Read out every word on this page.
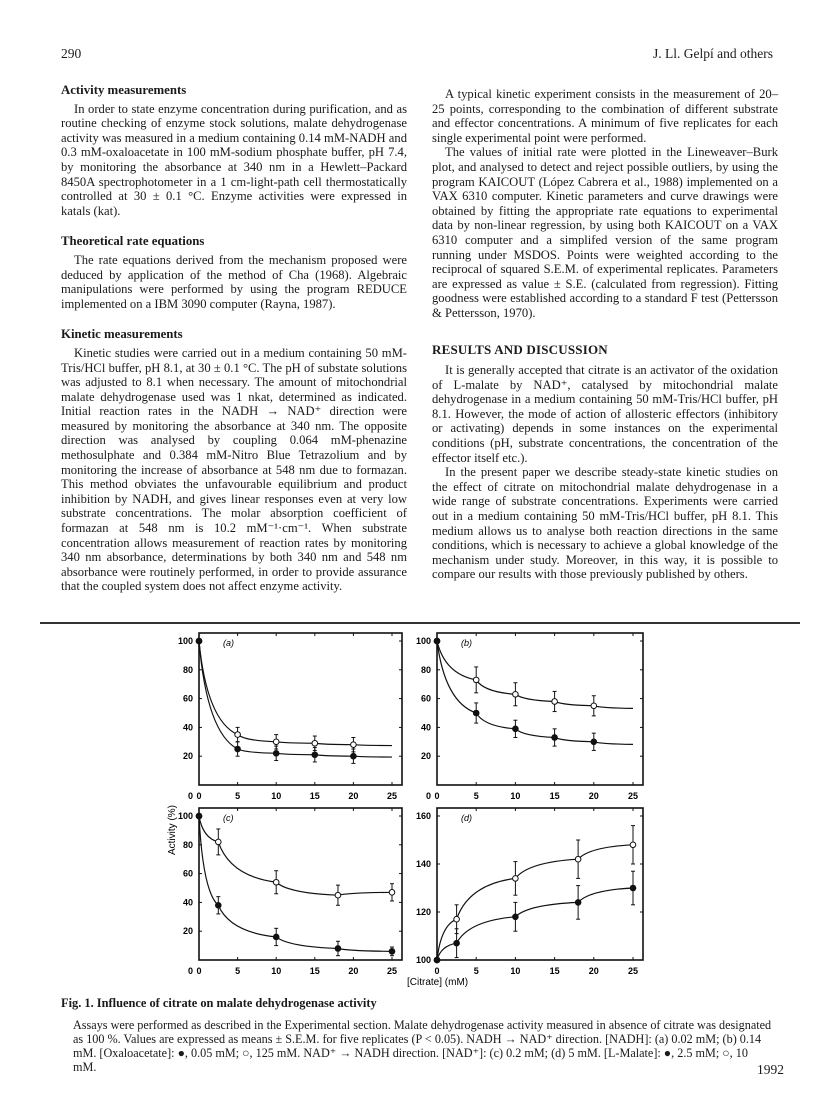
290	J. Ll. Gelpí and others
Activity measurements

In order to state enzyme concentration during purification, and as routine checking of enzyme stock solutions, malate dehydrogenase activity was measured in a medium containing 0.14 mM-NADH and 0.3 mM-oxaloacetate in 100 mM-sodium phosphate buffer, pH 7.4, by monitoring the absorbance at 340 nm in a Hewlett–Packard 8450A spectrophotometer in a 1 cm-light-path cell thermostatically controlled at 30 ± 0.1 °C. Enzyme activities were expressed in katals (kat).

Theoretical rate equations

The rate equations derived from the mechanism proposed were deduced by application of the method of Cha (1968). Algebraic manipulations were performed by using the program REDUCE implemented on a IBM 3090 computer (Rayna, 1987).

Kinetic measurements

Kinetic studies were carried out in a medium containing 50 mM-Tris/HCl buffer, pH 8.1, at 30 ± 0.1 °C. The pH of substate solutions was adjusted to 8.1 when necessary. The amount of mitochondrial malate dehydrogenase used was 1 nkat, determined as indicated. Initial reaction rates in the NADH → NAD⁺ direction were measured by monitoring the absorbance at 340 nm. The opposite direction was analysed by coupling 0.064 mM-phenazine methosulphate and 0.384 mM-Nitro Blue Tetrazolium and by monitoring the increase of absorbance at 548 nm due to formazan. This method obviates the unfavourable equilibrium and product inhibition by NADH, and gives linear responses even at very low substrate concentrations. The molar absorption coefficient of formazan at 548 nm is 10.2 mM⁻¹·cm⁻¹. When substrate concentration allows measurement of reaction rates by monitoring 340 nm absorbance, determinations by both 340 nm and 548 nm absorbance were routinely performed, in order to provide assurance that the coupled system does not affect enzyme activity.

A typical kinetic experiment consists in the measurement of 20–25 points, corresponding to the combination of different substrate and effector concentrations. A minimum of five replicates for each single experimental point were performed.

The values of initial rate were plotted in the Lineweaver–Burk plot, and analysed to detect and reject possible outliers, by using the program KAICOUT (López Cabrera et al., 1988) implemented on a VAX 6310 computer. Kinetic parameters and curve drawings were obtained by fitting the appropriate rate equations to experimental data by non-linear regression, by using both KAICOUT on a VAX 6310 computer and a simplifed version of the same program running under MSDOS. Points were weighted according to the reciprocal of squared S.E.M. of experimental replicates. Parameters are expressed as value ± S.E. (calculated from regression). Fitting goodness were established according to a standard F test (Pettersson & Pettersson, 1970).

RESULTS AND DISCUSSION

It is generally accepted that citrate is an activator of the oxidation of L-malate by NAD⁺, catalysed by mitochondrial malate dehydrogenase in a medium containing 50 mM-Tris/HCl buffer, pH 8.1. However, the mode of action of allosteric effectors (inhibitory or activating) depends in some instances on the experimental conditions (pH, substrate concentrations, the concentration of the effector itself etc.).

In the present paper we describe steady-state kinetic studies on the effect of citrate on mitochondrial malate dehydrogenase in a wide range of substrate concentrations. Experiments were carried out in a medium containing 50 mM-Tris/HCl buffer, pH 8.1. This medium allows us to analyse both reaction directions in the same conditions, which is necessary to achieve a global knowledge of the mechanism under study. Moreover, in this way, it is possible to compare our results with those previously published by others.

0	5	10	15	20	25
20
40
60
80
100
0
(a)
0	5	10	15	20	25
20
40
60
80
100
0
(b)
0	5	10	15	20	25
20
40
60
80
100
0
(c)
0	5	10	15	20	25
100
120
140
160	(d)
Activity (%)
[Citrate] (mM)
Fig. 1. Influence of citrate on malate dehydrogenase activity
Assays were performed as described in the Experimental section. Malate dehydrogenase activity measured in absence of citrate was designated as 100 %. Values are expressed as means ± S.E.M. for five replicates (P < 0.05). NADH → NAD⁺ direction. [NADH]: (a) 0.02 mM; (b) 0.14 mM. [Oxaloacetate]: ●, 0.05 mM; ○, 125 mM. NAD⁺ → NADH direction. [NAD⁺]: (c) 0.2 mM; (d) 5 mM. [L-Malate]: ●, 2.5 mM; ○, 10 mM.	1992
